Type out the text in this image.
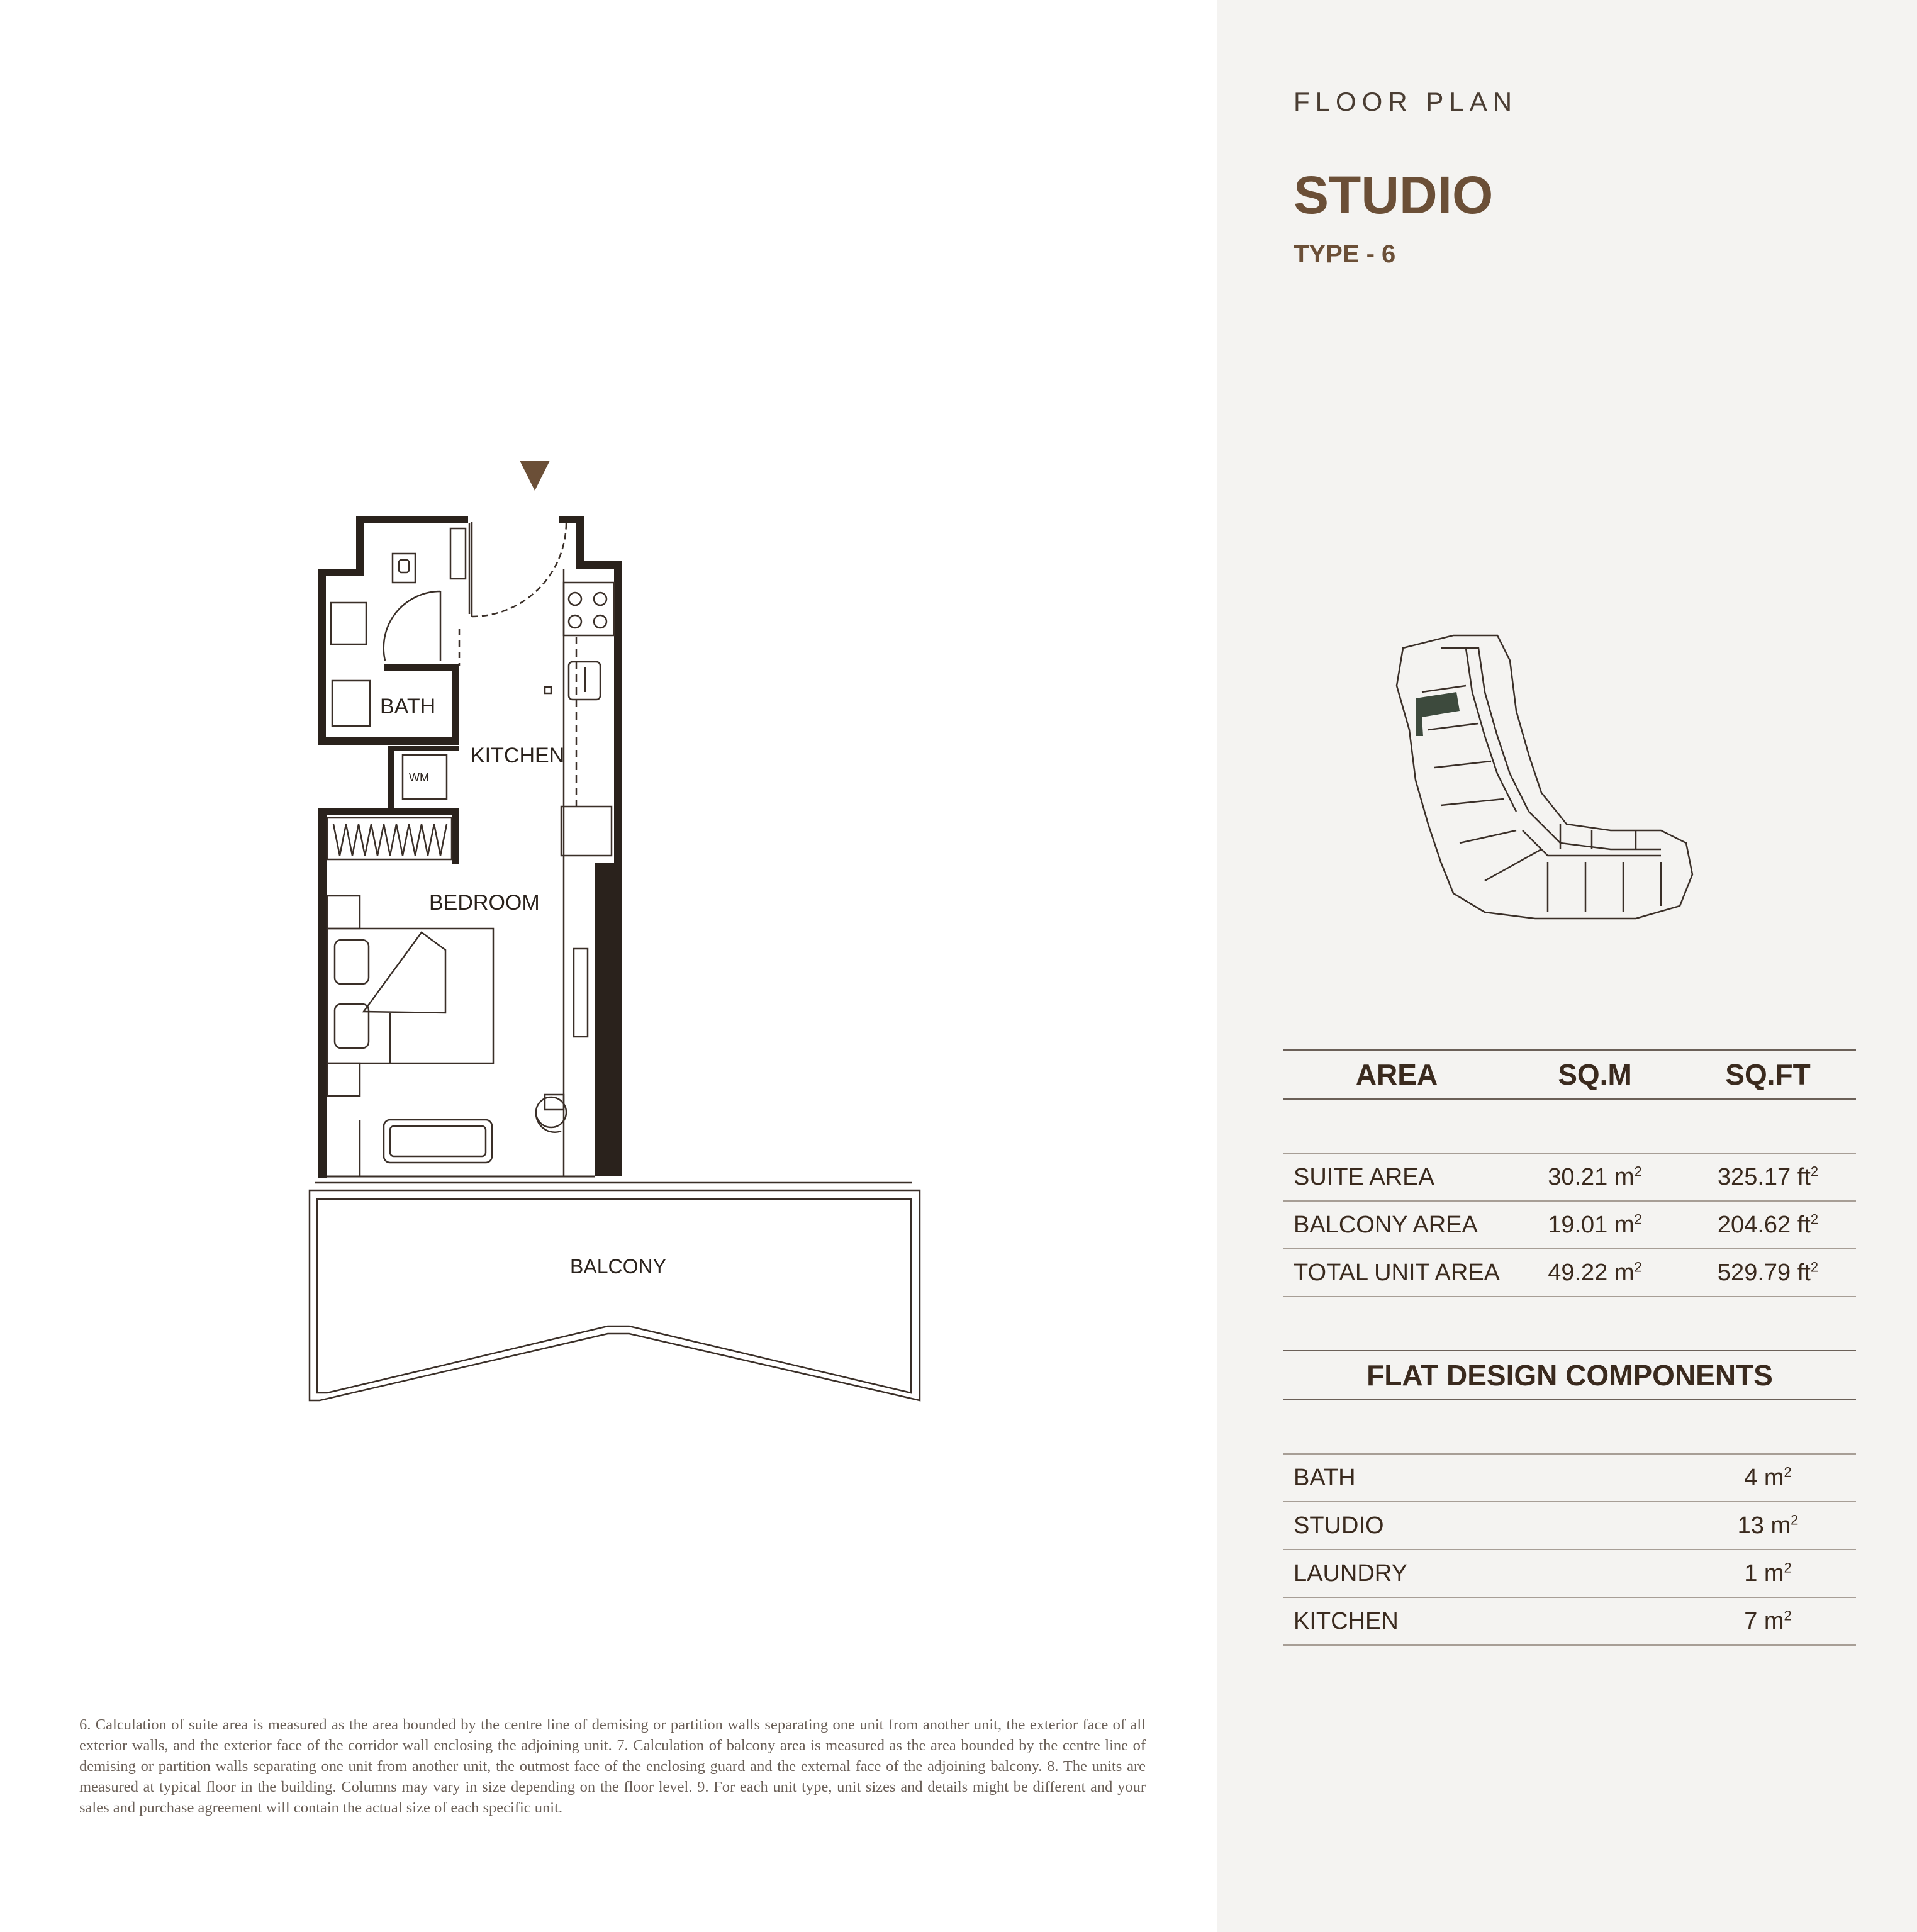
BATH
KITCHEN
WM
BEDROOM
BALCONY
FLOOR PLAN
STUDIO
TYPE - 6
AREA	SQ.M	SQ.FT

SUITE AREA	30.21 $m^2$	325.17 $ft^2$
BALCONY AREA	19.01 $m^2$	204.62 $ft^2$
TOTAL UNIT AREA	49.22 $m^2$	529.79 $ft^2$
FLAT DESIGN COMPONENTS	

BATH	4 $m^2$
STUDIO	13 $m^2$
LAUNDRY	1 $m^2$
KITCHEN	7 $m^2$
6. Calculation of suite area is measured as the area bounded by the centre line of demising or partition walls separating one unit from another unit, the exterior face of all exterior walls, and the exterior face of the corridor wall enclosing the adjoining unit. 7. Calculation of balcony area is measured as the area bounded by the centre line of demising or partition walls separating one unit from another unit, the outmost face of the enclosing guard and the external face of the adjoining balcony. 8. The units are measured at typical floor in the building. Columns may vary in size depending on the floor level. 9. For each unit type, unit sizes and details might be different and your sales and purchase agreement will contain the actual size of each specific unit.
